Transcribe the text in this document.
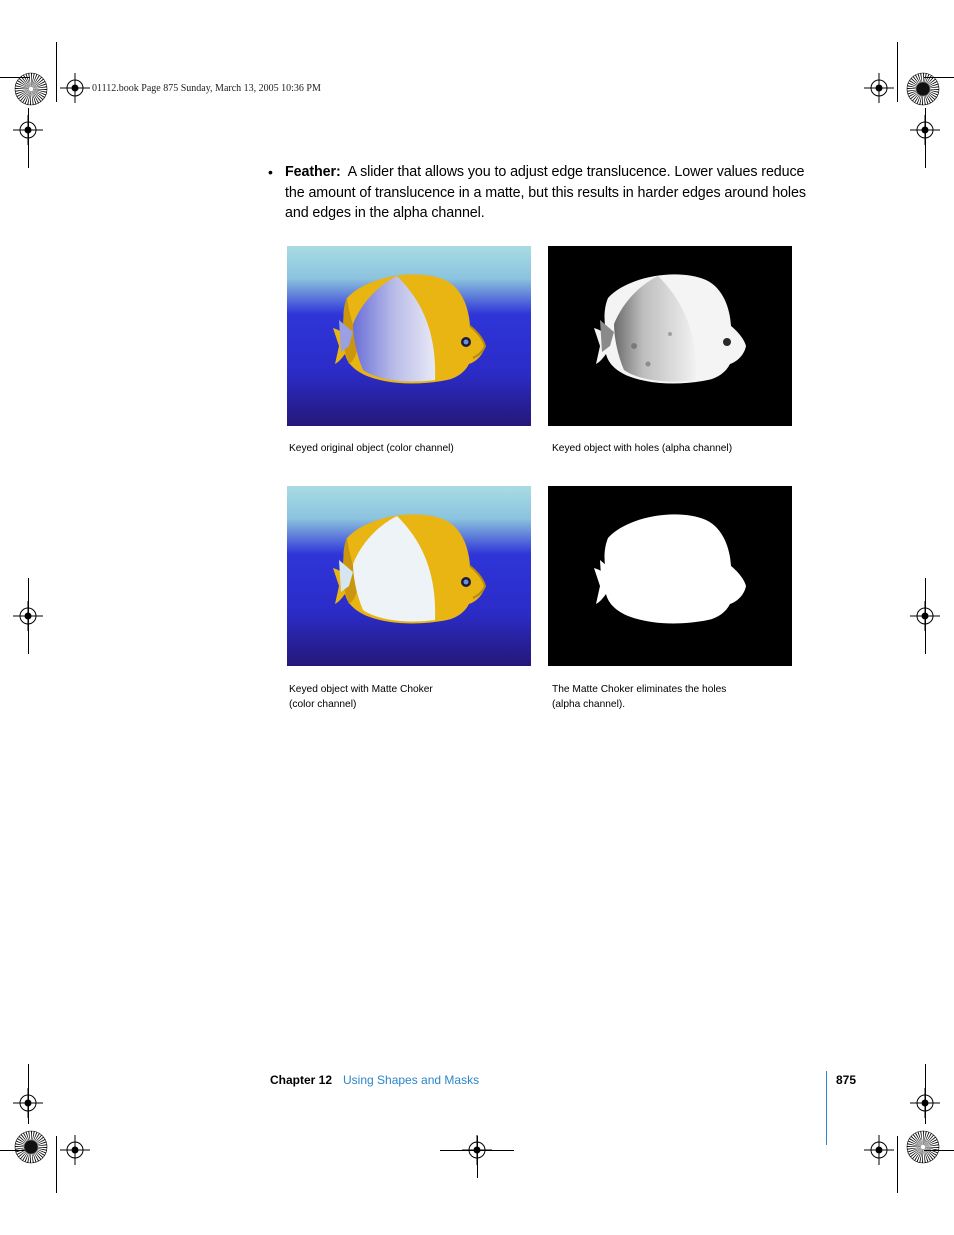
01112.book Page 875 Sunday, March 13, 2005 10:36 PM
• Feather: A slider that allows you to adjust edge translucence. Lower values reduce the amount of translucence in a matte, but this results in harder edges around holes and edges in the alpha channel.
Keyed original object (color channel)	Keyed object with holes (alpha channel)
Keyed object with Matte Choker
(color channel)
The Matte Choker eliminates the holes
(alpha channel).
Chapter 12 Using Shapes and Masks	875
